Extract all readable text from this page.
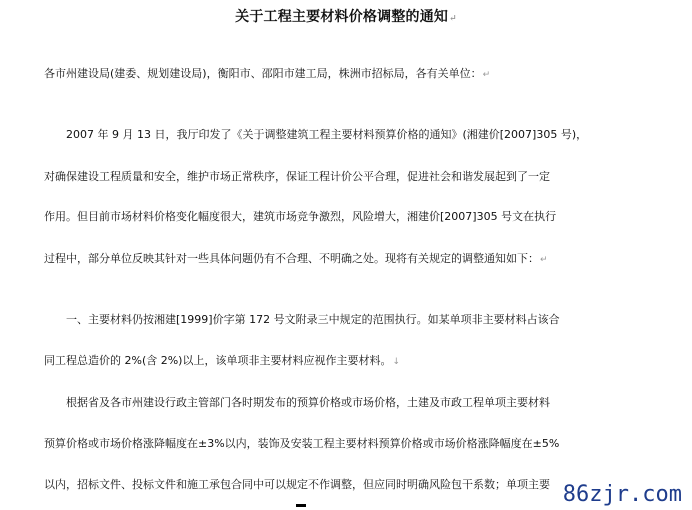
关于工程主要材料价格调整的通知↵
各市州建设局(建委、规划建设局)，衡阳市、邵阳市建工局，株洲市招标局，各有关单位：↵
2007 年 9 月 13 日，我厅印发了《关于调整建筑工程主要材料预算价格的通知》(湘建价[2007]305 号)，
对确保建设工程质量和安全，维护市场正常秩序，保证工程计价公平合理，促进社会和谐发展起到了一定
作用。但目前市场材料价格变化幅度很大，建筑市场竞争激烈，风险增大，湘建价[2007]305 号文在执行
过程中，部分单位反映其针对一些具体问题仍有不合理、不明确之处。现将有关规定的调整通知如下：↵
一、主要材料仍按湘建[1999]价字第 172 号文附录三中规定的范围执行。如某单项非主要材料占该合
同工程总造价的 2%(含 2%)以上，该单项非主要材料应视作主要材料。↓
根据省及各市州建设行政主管部门各时期发布的预算价格或市场价格，土建及市政工程单项主要材料
预算价格或市场价格涨降幅度在±3%以内，装饰及安装工程主要材料预算价格或市场价格涨降幅度在±5%
以内，招标文件、投标文件和施工承包合同中可以规定不作调整，但应同时明确风险包干系数；单项主要 86zjr.com
